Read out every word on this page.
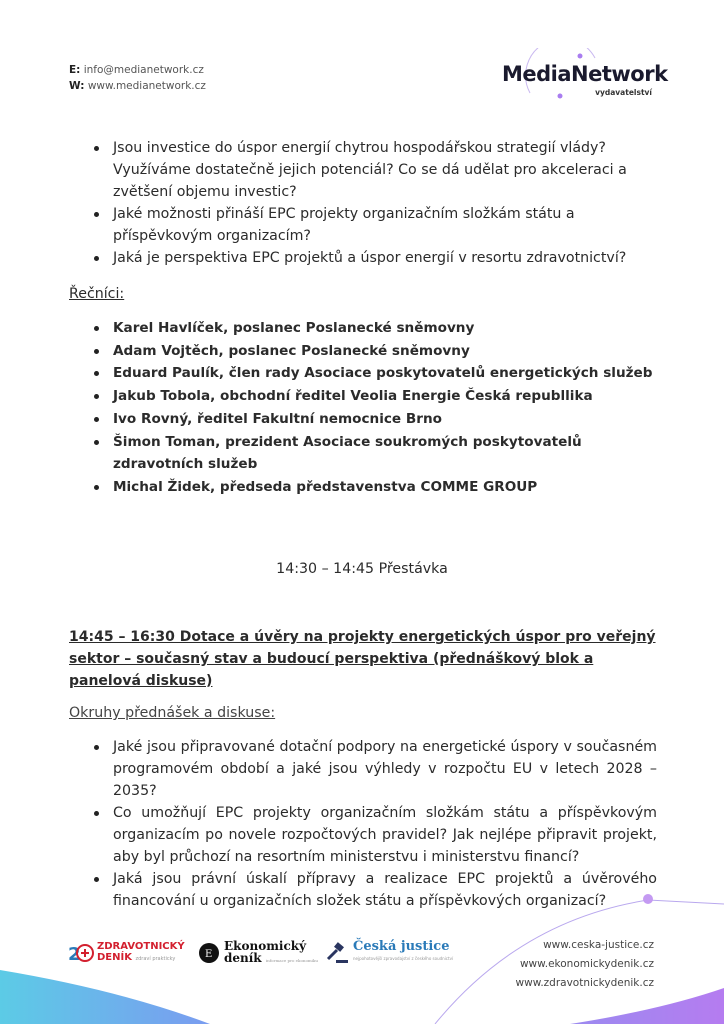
E: info@medianetwork.cz
W: www.medianetwork.cz	MediaNetwork
vydavatelství
Jsou investice do úspor energií chytrou hospodářskou strategií vlády? Využíváme dostatečně jejich potenciál? Co se dá udělat pro akceleraci a zvětšení objemu investic?
Jaké možnosti přináší EPC projekty organizačním složkám státu a příspěvkovým organizacím?
Jaká je perspektiva EPC projektů a úspor energií v resortu zdravotnictví?
Řečníci:
Karel Havlíček, poslanec Poslanecké sněmovny
Adam Vojtěch, poslanec Poslanecké sněmovny
Eduard Paulík, člen rady Asociace poskytovatelů energetických služeb
Jakub Tobola, obchodní ředitel Veolia Energie Česká republlika
Ivo Rovný, ředitel Fakultní nemocnice Brno
Šimon Toman, prezident Asociace soukromých poskytovatelů zdravotních služeb
Michal Židek, předseda představenstva COMME GROUP
14:30 – 14:45 Přestávka
14:45 – 16:30 Dotace a úvěry na projekty energetických úspor pro veřejný sektor – současný stav a budoucí perspektiva (přednáškový blok a panelová diskuse)
Okruhy přednášek a diskuse:
Jaké jsou připravované dotační podpory na energetické úspory v současném programovém období a jaké jsou výhledy v rozpočtu EU v letech 2028 – 2035?
Co umožňují EPC projekty organizačním složkám státu a příspěvkovým organizacím po novele rozpočtových pravidel? Jak nejlépe připravit projekt, aby byl průchozí na resortním ministerstvu i ministerstvu financí?
Jaká jsou právní úskalí přípravy a realizace EPC projektů a úvěrového financování u organizačních složek státu a příspěvkových organizací?
2 ZDRAVOTNICKÝ
DENÍK zdraví prakticky	E
Ekonomický
deník informace pro ekonomiku
Česká justice
nejpohotovější zpravodajství z českého soudnictví
www.ceska-justice.cz
www.ekonomickydenik.cz
www.zdravotnickydenik.cz
